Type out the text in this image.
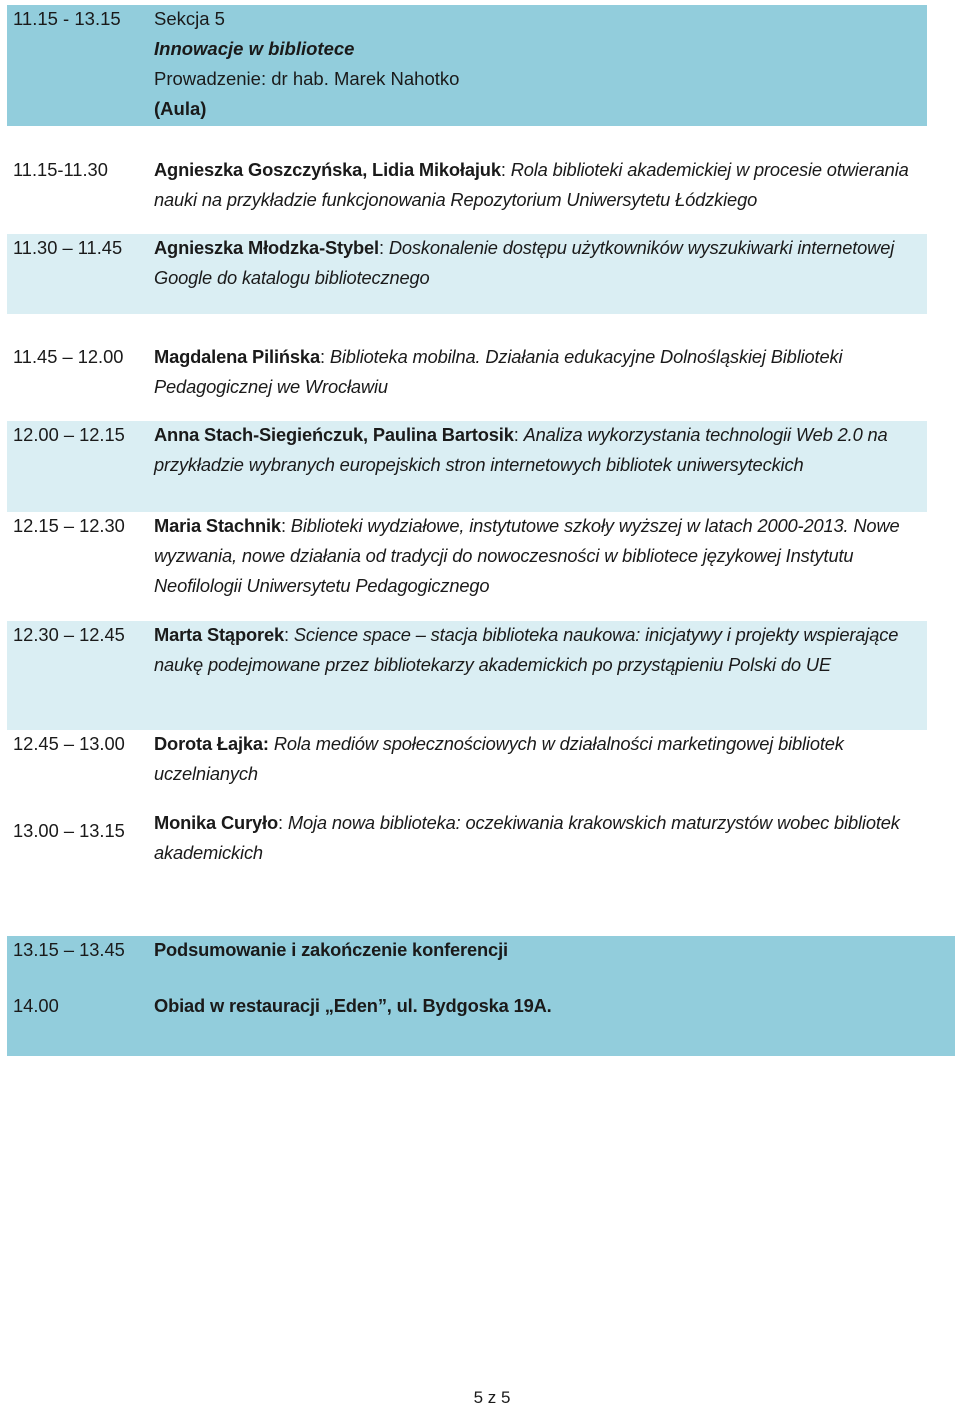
11.15 - 13.15 Sekcja 5
Innowacje w bibliotece
Prowadzenie: dr hab. Marek Nahotko
(Aula)
11.15-11.30	Agnieszka Goszczyńska, Lidia Mikołajuk: Rola biblioteki akademickiej w procesie otwierania nauki na przykładzie funkcjonowania Repozytorium Uniwersytetu Łódzkiego
11.30 – 11.45 Agnieszka Młodzka-Stybel: Doskonalenie dostępu użytkowników wyszukiwarki internetowej Google do katalogu bibliotecznego
11.45 – 12.00 Magdalena Pilińska: Biblioteka mobilna. Działania edukacyjne Dolnośląskiej Biblioteki Pedagogicznej we Wrocławiu
12.00 – 12.15 Anna Stach-Siegieńczuk, Paulina Bartosik: Analiza wykorzystania technologii Web 2.0 na przykładzie wybranych europejskich stron internetowych bibliotek uniwersyteckich
12.15 – 12.30 Maria Stachnik: Biblioteki wydziałowe, instytutowe szkoły wyższej w latach 2000-2013. Nowe wyzwania, nowe działania od tradycji do nowoczesności w bibliotece językowej Instytutu Neofilologii Uniwersytetu Pedagogicznego
12.30 – 12.45 Marta Stąporek: Science space – stacja biblioteka naukowa: inicjatywy i projekty wspierające naukę podejmowane przez bibliotekarzy akademickich po przystąpieniu Polski do UE
12.45 – 13.00 Dorota Łajka: Rola mediów społecznościowych w działalności marketingowej bibliotek uczelnianych
13.00 – 13.15 Monika Curyło: Moja nowa biblioteka: oczekiwania krakowskich maturzystów wobec bibliotek akademickich
13.15 – 13.45 Podsumowanie i zakończenie konferencji
14.00	Obiad w restauracji „Eden”, ul. Bydgoska 19A.
5 z 5
